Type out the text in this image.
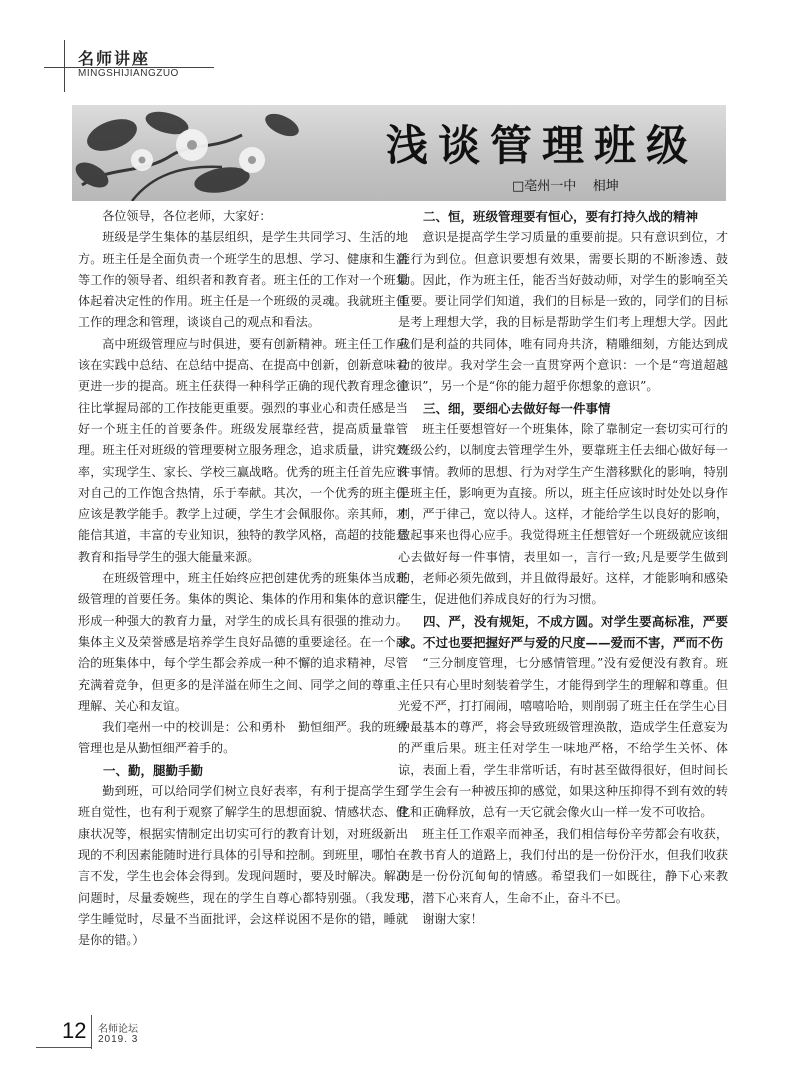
名师讲座
MINGSHIJIANGZUO
浅谈管理班级
□亳州一中    相坤

　　各位领导，各位老师，大家好：

班级是学生集体的基层组织，是学生共同学习、生活的地方。班主任是全面负责一个班学生的思想、学习、健康和生活等工作的领导者、组织者和教育者。班主任的工作对一个班集体起着决定性的作用。班主任是一个班级的灵魂。我就班主任工作的理念和管理，谈谈自己的观点和看法。

高中班级管理应与时俱进，要有创新精神。班主任工作应该在实践中总结、在总结中提高、在提高中创新，创新意味着更进一步的提高。班主任获得一种科学正确的现代教育理念往往比掌握局部的工作技能更重要。强烈的事业心和责任感是当好一个班主任的首要条件。班级发展靠经营，提高质量靠管理。班主任对班级的管理要树立服务理念，追求质量，讲究效率，实现学生、家长、学校三赢战略。优秀的班主任首先应该对自己的工作饱含热情，乐于奉献。其次，一个优秀的班主任应该是教学能手。教学上过硬，学生才会佩服你。亲其师，才能信其道，丰富的专业知识，独特的教学风格，高超的技能是教育和指导学生的强大能量来源。

在班级管理中，班主任始终应把创建优秀的班集体当成班级管理的首要任务。集体的舆论、集体的作用和集体的意识能形成一种强大的教育力量，对学生的成长具有很强的推动力。集体主义及荣誉感是培养学生良好品德的重要途径。在一个融洽的班集体中，每个学生都会养成一种不懈的追求精神，尽管充满着竞争，但更多的是洋溢在师生之间、同学之间的尊重、理解、关心和友谊。

我们亳州一中的校训是：公和勇朴　勤恒细严。我的班级管理也是从勤恒细严着手的。

一、勤，腿勤手勤

勤到班，可以给同学们树立良好表率，有利于提高学生到班自觉性，也有利于观察了解学生的思想面貌、情感状态、健康状况等，根据实情制定出切实可行的教育计划，对班级新出现的不利因素能随时进行具体的引导和控制。到班里，哪怕一言不发，学生也会体会得到。发现问题时，要及时解决。解决问题时，尽量委婉些，现在的学生自尊心都特别强。（我发现学生睡觉时，尽量不当面批评，会这样说困不是你的错，睡就是你的错。）

二、恒，班级管理要有恒心，要有打持久战的精神

意识是提高学生学习质量的重要前提。只有意识到位，才能行为到位。但意识要想有效果，需要长期的不断渗透、鼓励。因此，作为班主任，能否当好鼓动师，对学生的影响至关重要。要让同学们知道，我们的目标是一致的，同学们的目标是考上理想大学，我的目标是帮助学生们考上理想大学。因此我们是利益的共同体，唯有同舟共济，精雕细刻，方能达到成功的彼岸。我对学生会一直贯穿两个意识：一个是“弯道超越意识”，另一个是“你的能力超乎你想象的意识”。

三、细，要细心去做好每一件事情

班主任要想管好一个班集体，除了靠制定一套切实可行的班级公约，以制度去管理学生外，要靠班主任去细心做好每一件事情。教师的思想、行为对学生产生潜移默化的影响，特别是班主任，影响更为直接。所以，班主任应该时时处处以身作则，严于律己，宽以待人。这样，才能给学生以良好的影响，做起事来也得心应手。我觉得班主任想管好一个班级就应该细心去做好每一件事情，表里如一，言行一致;凡是要学生做到的，老师必须先做到，并且做得最好。这样，才能影响和感染学生，促进他们养成良好的行为习惯。

四、严，没有规矩，不成方圆。对学生要高标准，严要求。不过也要把握好严与爱的尺度——爱而不害，严而不伤

“三分制度管理，七分感情管理。”没有爱便没有教育。班主任只有心里时刻装着学生，才能得到学生的理解和尊重。但光爱不严，打打闹闹，嘻嘻哈哈，则削弱了班主任在学生心目中最基本的尊严，将会导致班级管理涣散，造成学生任意妄为的严重后果。班主任对学生一味地严格，不给学生关怀、体谅，表面上看，学生非常听话，有时甚至做得很好，但时间长了学生会有一种被压抑的感觉，如果这种压抑得不到有效的转化和正确释放，总有一天它就会像火山一样一发不可收拾。

班主任工作艰辛而神圣，我们相信每份辛劳都会有收获，在教书育人的道路上，我们付出的是一份份汗水，但我们收获的是一份份沉甸甸的情感。希望我们一如既往，静下心来教书，潜下心来育人，生命不止，奋斗不已。

谢谢大家！

12 名师论坛
2019. 3
